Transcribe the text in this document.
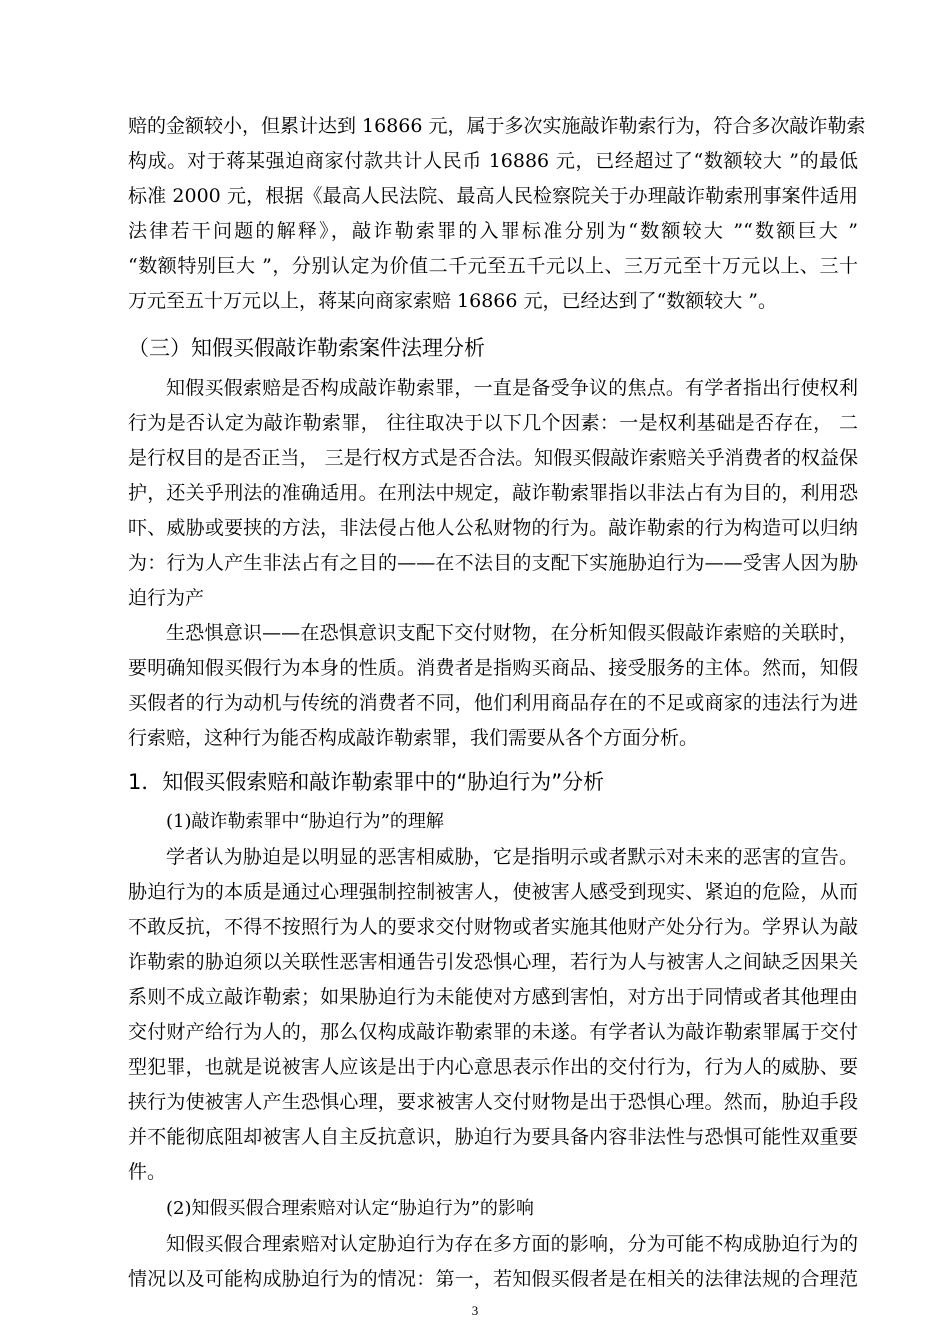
赔的金额较小，但累计达到 16866 元，属于多次实施敲诈勒索行为，符合多次敲诈勒索
构成。对于蒋某强迫商家付款共计人民币 16886 元，已经超过了“数额较大 ”的最低
标准 2000 元，根据《最高人民法院、最高人民检察院关于办理敲诈勒索刑事案件适用
法律若干问题的解释》，敲诈勒索罪的入罪标准分别为“数额较大 ”“数额巨大 ”
“数额特别巨大 ”，分别认定为价值二千元至五千元以上、三万元至十万元以上、三十
万元至五十万元以上，蒋某向商家索赔 16866 元，已经达到了“数额较大 ”。
（三）知假买假敲诈勒索案件法理分析
知假买假索赔是否构成敲诈勒索罪，一直是备受争议的焦点。有学者指出行使权利
行为是否认定为敲诈勒索罪， 往往取决于以下几个因素：一是权利基础是否存在， 二
是行权目的是否正当， 三是行权方式是否合法。知假买假敲诈索赔关乎消费者的权益保
护，还关乎刑法的准确适用。在刑法中规定，敲诈勒索罪指以非法占有为目的，利用恐
吓、威胁或要挟的方法，非法侵占他人公私财物的行为。敲诈勒索的行为构造可以归纳
为：行为人产生非法占有之目的——在不法目的支配下实施胁迫行为——受害人因为胁
迫行为产
生恐惧意识——在恐惧意识支配下交付财物，在分析知假买假敲诈索赔的关联时，
要明确知假买假行为本身的性质。消费者是指购买商品、接受服务的主体。然而，知假
买假者的行为动机与传统的消费者不同，他们利用商品存在的不足或商家的违法行为进
行索赔，这种行为能否构成敲诈勒索罪，我们需要从各个方面分析。
1．知假买假索赔和敲诈勒索罪中的“胁迫行为”分析
(1)敲诈勒索罪中“胁迫行为”的理解
学者认为胁迫是以明显的恶害相威胁，它是指明示或者默示对未来的恶害的宣告。
胁迫行为的本质是通过心理强制控制被害人，使被害人感受到现实、紧迫的危险，从而
不敢反抗，不得不按照行为人的要求交付财物或者实施其他财产处分行为。学界认为敲
诈勒索的胁迫须以关联性恶害相通告引发恐惧心理，若行为人与被害人之间缺乏因果关
系则不成立敲诈勒索；如果胁迫行为未能使对方感到害怕，对方出于同情或者其他理由
交付财产给行为人的，那么仅构成敲诈勒索罪的未遂。有学者认为敲诈勒索罪属于交付
型犯罪，也就是说被害人应该是出于内心意思表示作出的交付行为，行为人的威胁、要
挟行为使被害人产生恐惧心理，要求被害人交付财物是出于恐惧心理。然而，胁迫手段
并不能彻底阻却被害人自主反抗意识，胁迫行为要具备内容非法性与恐惧可能性双重要
件。
(2)知假买假合理索赔对认定“胁迫行为”的影响
知假买假合理索赔对认定胁迫行为存在多方面的影响，分为可能不构成胁迫行为的
情况以及可能构成胁迫行为的情况：第一，若知假买假者是在相关的法律法规的合理范
3
